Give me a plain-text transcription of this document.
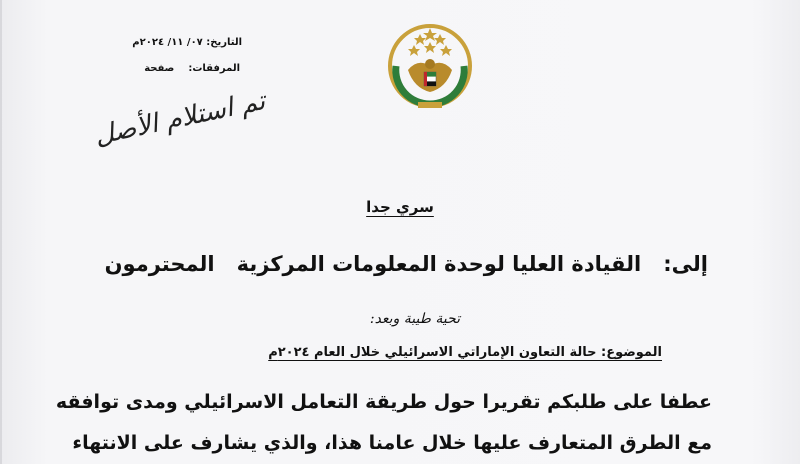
التاريخ: ٠٧/ ١١/ ٢٠٢٤م
المرفقات:صفحة
تم استلام الأصل
سري جدا
إلى:القيادة العليا لوحدة المعلومات المركزيةالمحترمون
تحية طيبة وبعد:
الموضوع: حالة التعاون الإماراتي الاسرائيلي خلال العام ٢٠٢٤م
عطفا على طلبكم تقريرا حول طريقة التعامل الاسرائيلي ومدى توافقه
مع الطرق المتعارف عليها خلال عامنا هذا، والذي يشارف على الانتهاء
